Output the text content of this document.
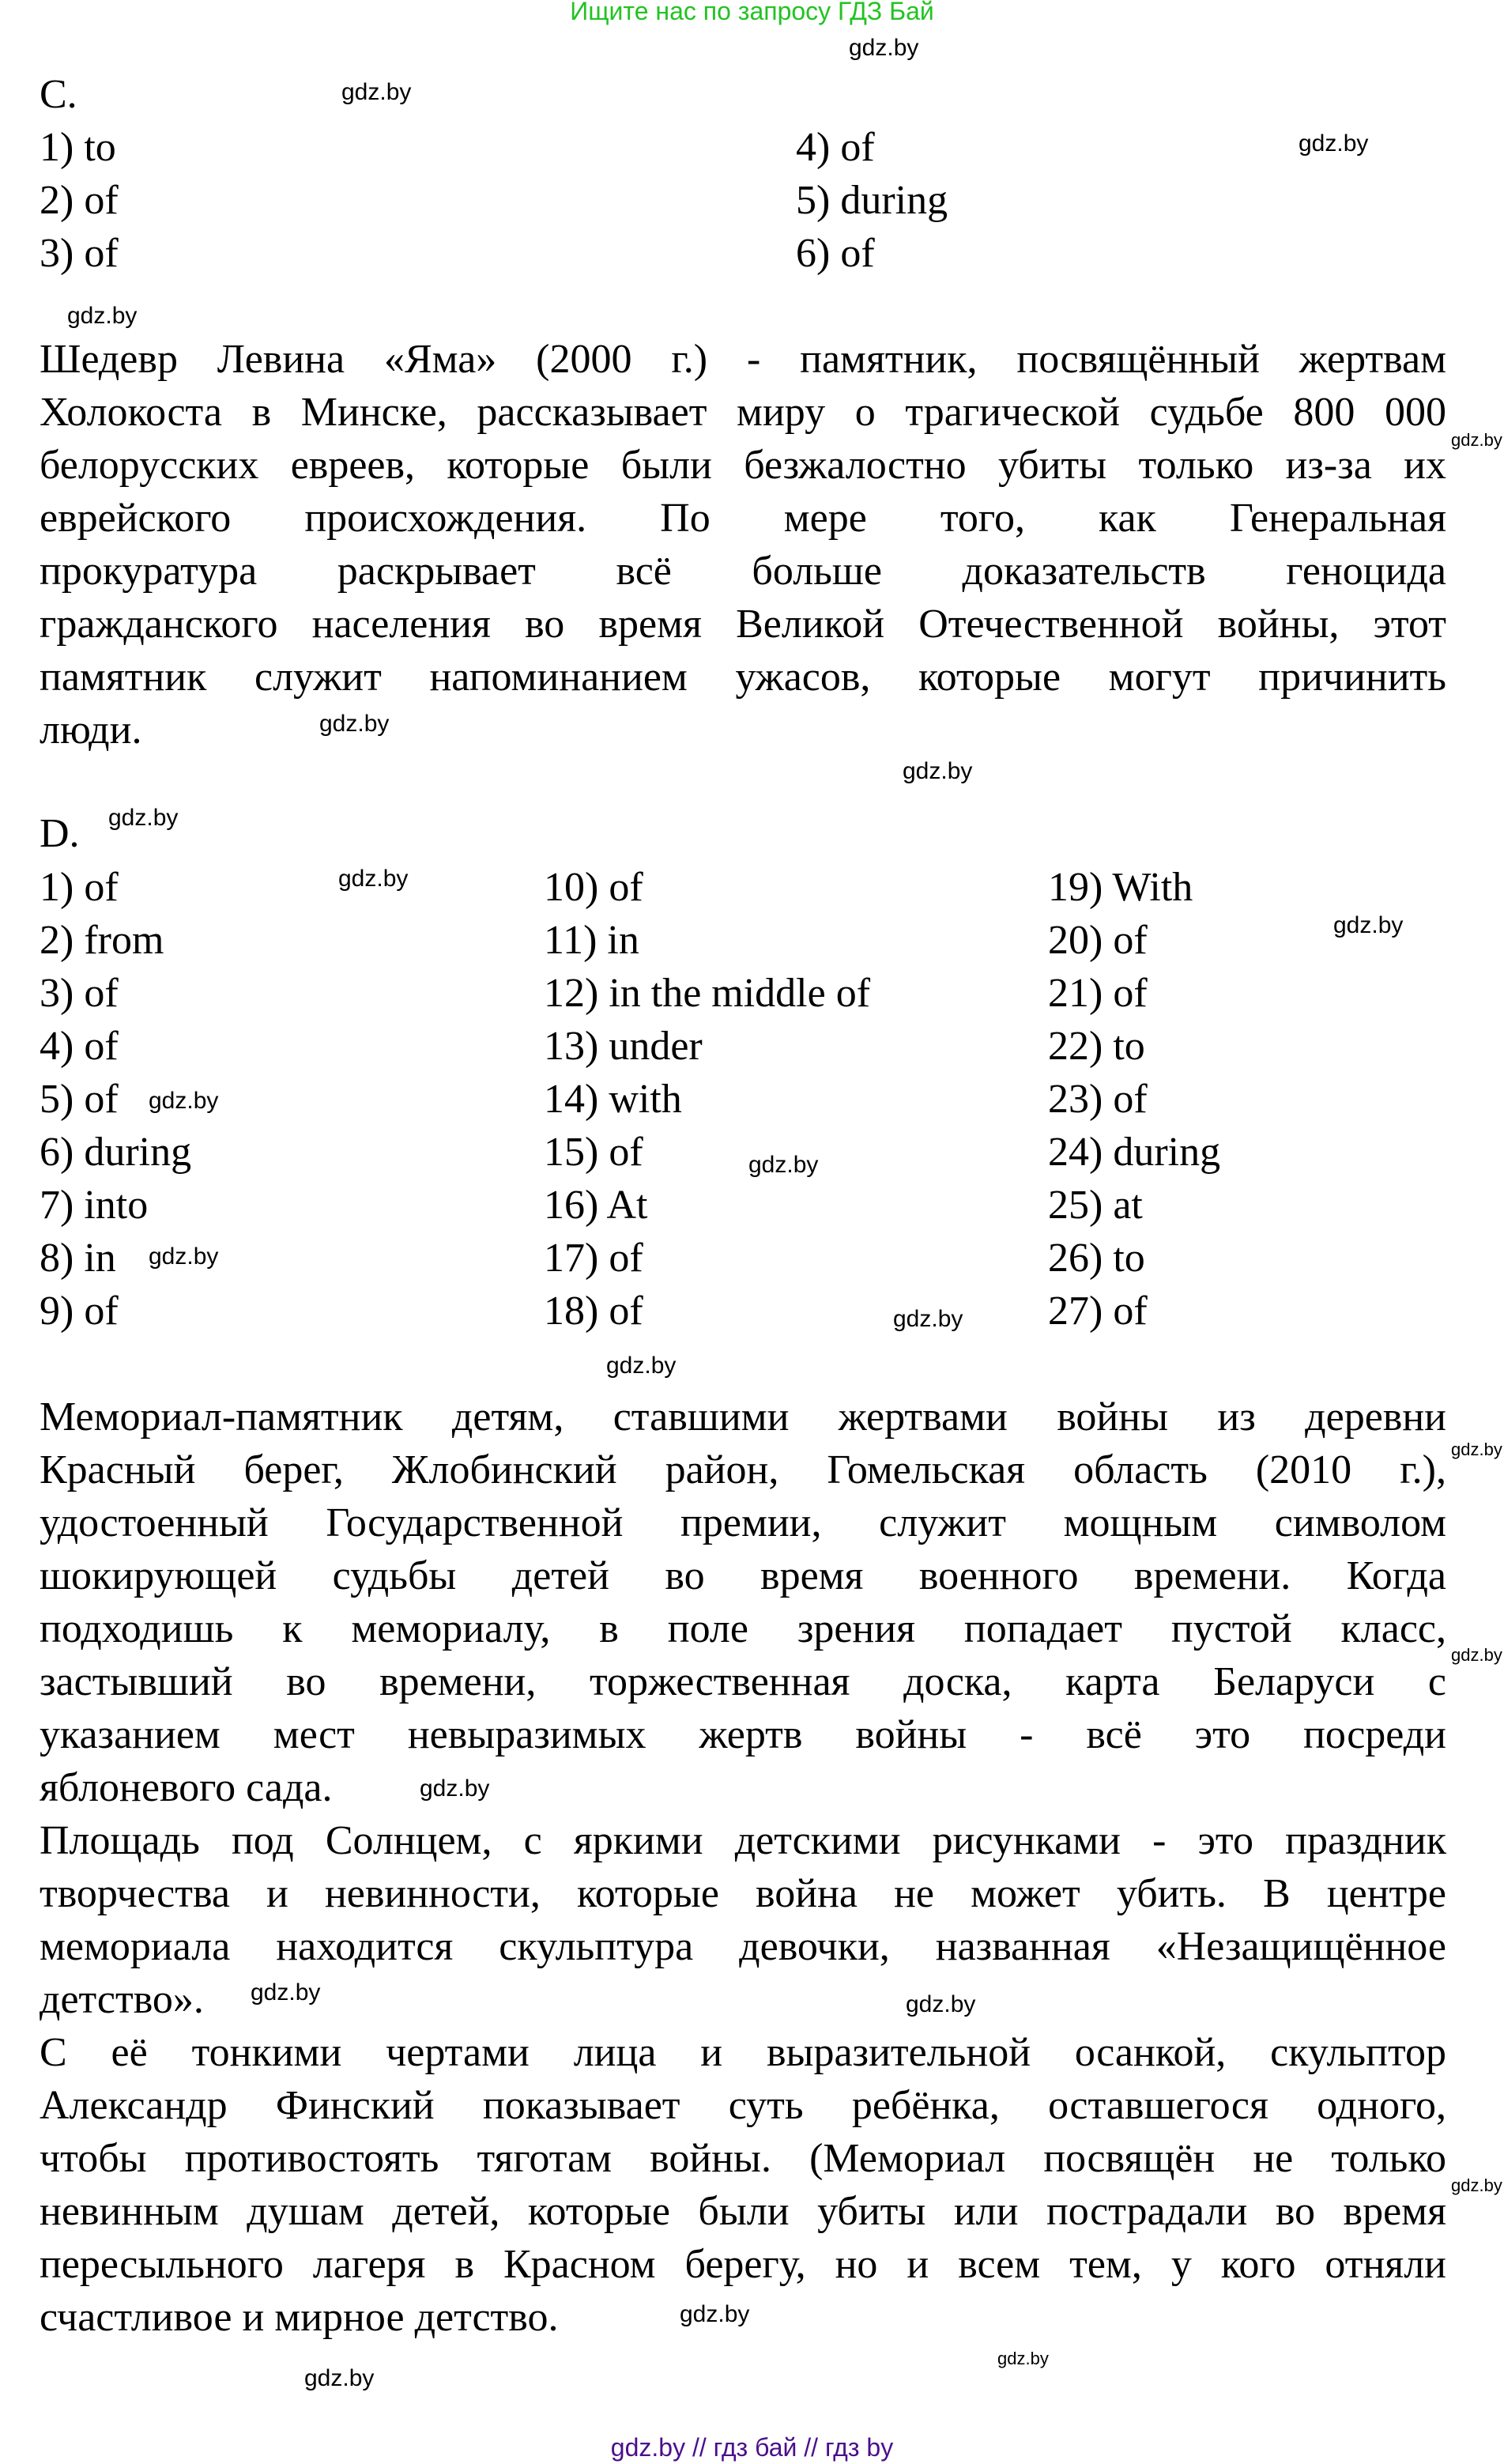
Ищите нас по запросу ГДЗ Бай
C.
1) to
2) of
3) of
4) of
5) during
6) of
Шедевр Левина «Яма» (2000 г.) - памятник, посвящённый жертвам
Холокоста в Минске, рассказывает миру о трагической судьбе 800 000
белорусских евреев, которые были безжалостно убиты только из-за их
еврейского происхождения. По мере того, как Генеральная
прокуратура раскрывает всё больше доказательств геноцида
гражданского населения во время Великой Отечественной войны, этот
памятник служит напоминанием ужасов, которые могут причинить
люди.
D.
1) of
2) from
3) of
4) of
5) of
6) during
7) into
8) in
9) of
10) of
11) in
12) in the middle of
13) under
14) with
15) of
16) At
17) of
18) of
19) With
20) of
21) of
22) to
23) of
24) during
25) at
26) to
27) of
Мемориал-памятник детям, ставшими жертвами войны из деревни
Красный берег, Жлобинский район, Гомельская область (2010 г.),
удостоенный Государственной премии, служит мощным символом
шокирующей судьбы детей во время военного времени. Когда
подходишь к мемориалу, в поле зрения попадает пустой класс,
застывший во времени, торжественная доска, карта Беларуси с
указанием мест невыразимых жертв войны - всё это посреди
яблоневого сада.
Площадь под Солнцем, с яркими детскими рисунками - это праздник
творчества и невинности, которые война не может убить. В центре
мемориала находится скульптура девочки, названная «Незащищённое
детство».
С её тонкими чертами лица и выразительной осанкой, скульптор
Александр Финский показывает суть ребёнка, оставшегося одного,
чтобы противостоять тяготам войны. (Мемориал посвящён не только
невинным душам детей, которые были убиты или пострадали во время
пересыльного лагеря в Красном берегу, но и всем тем, у кого отняли
счастливое и мирное детство.
gdz.by
gdz.by
gdz.by
gdz.by
gdz.by
gdz.by
gdz.by
gdz.by
gdz.by
gdz.by
gdz.by
gdz.by
gdz.by
gdz.by
gdz.by
gdz.by
gdz.by
gdz.by
gdz.by	gdz.by
gdz.by
gdz.by
gdz.by
gdz.by
gdz.by // гдз бай // гдз by
